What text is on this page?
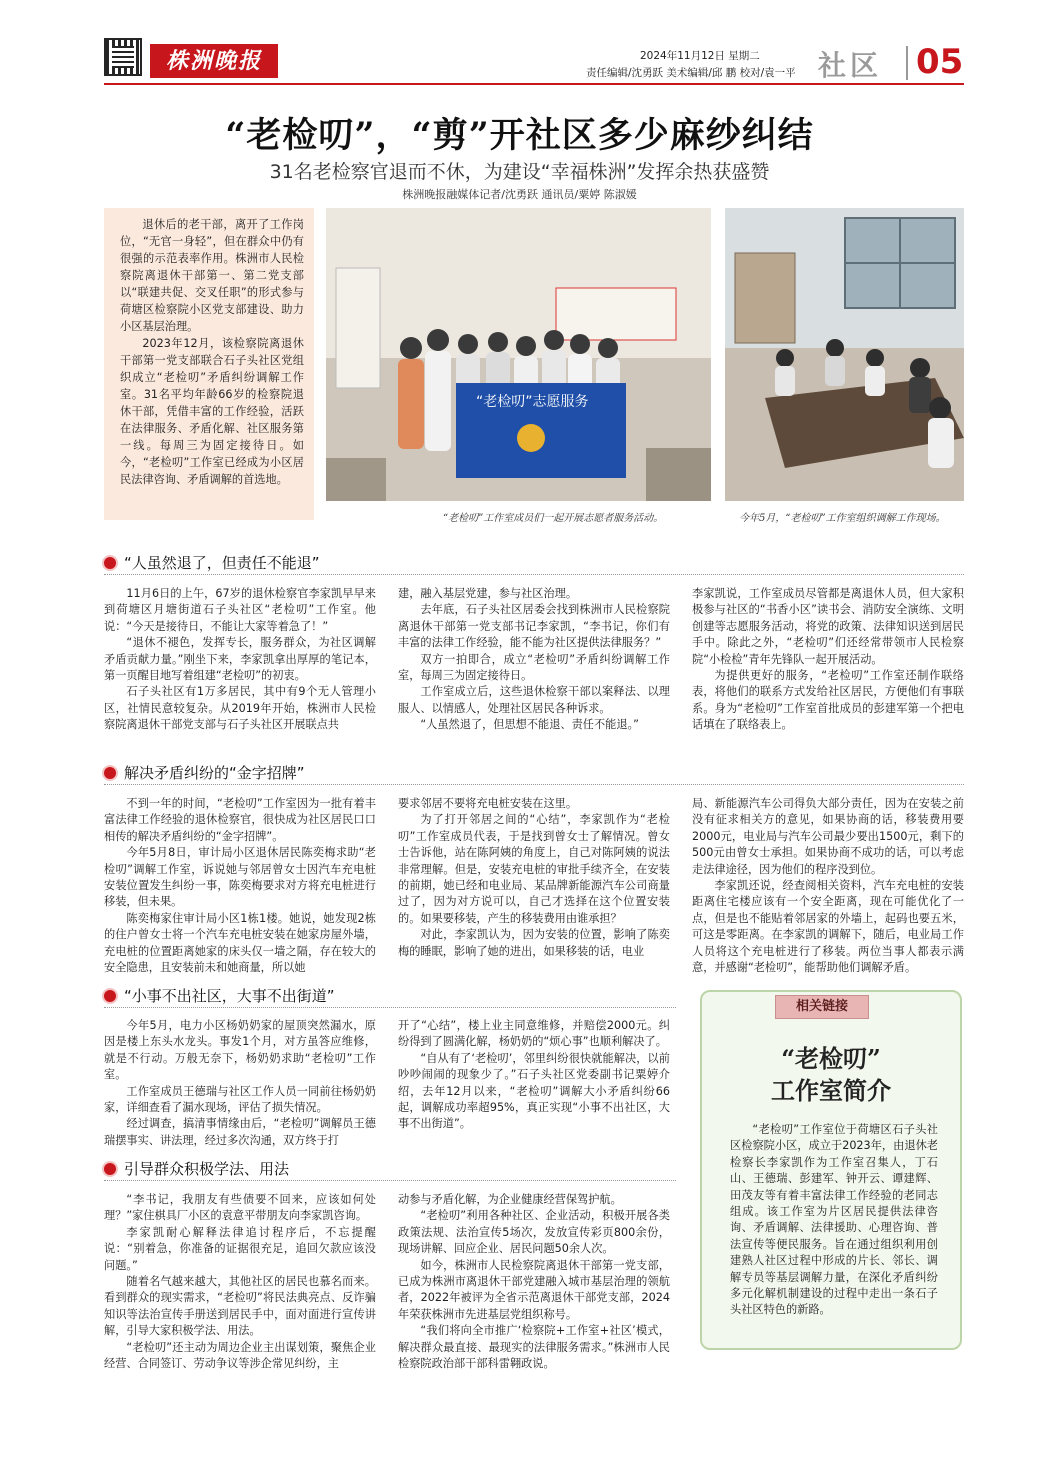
株洲晚报	2024年11月12日 星期二
责任编辑/沈勇跃 美术编辑/邱 鹏 校对/袁一平 社区 05
“老检叨”，“剪”开社区多少麻纱纠结
31名老检察官退而不休，为建设“幸福株洲”发挥余热获盛赞
株洲晚报融媒体记者/沈勇跃 通讯员/粟婷 陈淑媛

退休后的老干部，离开了工作岗位，“无官一身轻”，但在群众中仍有很强的示范表率作用。株洲市人民检察院离退休干部第一、第二党支部以“联建共促、交叉任职”的形式参与荷塘区检察院小区党支部建设、助力小区基层治理。

2023年12月，该检察院离退休干部第一党支部联合石子头社区党组织成立“老检叨”矛盾纠纷调解工作室。31名平均年龄66岁的检察院退休干部，凭借丰富的工作经验，活跃在法律服务、矛盾化解、社区服务第一线。每周三为固定接待日。如今，“老检叨”工作室已经成为小区居民法律咨询、矛盾调解的首选地。

“老检叨”志愿服务
“老检叨”工作室成员们一起开展志愿者服务活动。	今年5月，“老检叨”工作室组织调解工作现场。
“人虽然退了，但责任不能退”

11月6日的上午，67岁的退休检察官李家凯早早来到荷塘区月塘街道石子头社区“老检叨”工作室。他说：“今天是接待日，不能让大家等着急了！”

“退休不褪色，发挥专长，服务群众，为社区调解矛盾贡献力量。”刚坐下来，李家凯拿出厚厚的笔记本，第一页醒目地写着组建“老检叨”的初衷。

石子头社区有1万多居民，其中有9个无人管理小区，社情民意较复杂。从2019年开始，株洲市人民检察院离退休干部党支部与石子头社区开展联点共

建，融入基层党建，参与社区治理。

去年底，石子头社区居委会找到株洲市人民检察院离退休干部第一党支部书记李家凯，“李书记，你们有丰富的法律工作经验，能不能为社区提供法律服务？”

双方一拍即合，成立“老检叨”矛盾纠纷调解工作室，每周三为固定接待日。

工作室成立后，这些退休检察干部以案释法、以理服人、以情感人，处理社区居民各种诉求。

“人虽然退了，但思想不能退、责任不能退。”

李家凯说，工作室成员尽管都是离退休人员，但大家积极参与社区的“书香小区”读书会、消防安全演练、文明创建等志愿服务活动，将党的政策、法律知识送到居民手中。除此之外，“老检叨”们还经常带领市人民检察院“小检检”青年先锋队一起开展活动。

为提供更好的服务，“老检叨”工作室还制作联络表，将他们的联系方式发给社区居民，方便他们有事联系。身为“老检叨”工作室首批成员的彭建军第一个把电话填在了联络表上。

解决矛盾纠纷的“金字招牌”

不到一年的时间，“老检叨”工作室因为一批有着丰富法律工作经验的退休检察官，很快成为社区居民口口相传的解决矛盾纠纷的“金字招牌”。

今年5月8日，审计局小区退休居民陈奕梅求助“老检叨”调解工作室，诉说她与邻居曾女士因汽车充电桩安装位置发生纠纷一事，陈奕梅要求对方将充电桩进行移装，但未果。

陈奕梅家住审计局小区1栋1楼。她说，她发现2栋的住户曾女士将一个汽车充电桩安装在她家房屋外墙，充电桩的位置距离她家的床头仅一墙之隔，存在较大的安全隐患，且安装前未和她商量，所以她

要求邻居不要将充电桩安装在这里。

为了打开邻居之间的“心结”，李家凯作为“老检叨”工作室成员代表，于是找到曾女士了解情况。曾女士告诉他，站在陈阿姨的角度上，自己对陈阿姨的说法非常理解。但是，安装充电桩的审批手续齐全，在安装的前期，她已经和电业局、某品牌新能源汽车公司商量过了，因为对方说可以，自己才选择在这个位置安装的。如果要移装，产生的移装费用由谁承担？

对此，李家凯认为，因为安装的位置，影响了陈奕梅的睡眠，影响了她的进出，如果移装的话，电业

局、新能源汽车公司得负大部分责任，因为在安装之前没有征求相关方的意见，如果协商的话，移装费用要2000元，电业局与汽车公司最少要出1500元，剩下的500元由曾女士承担。如果协商不成功的话，可以考虑走法律途径，因为他们的程序没到位。

李家凯还说，经查阅相关资料，汽车充电桩的安装距离住宅楼应该有一个安全距离，现在可能优化了一点，但是也不能贴着邻居家的外墙上，起码也要五米，可这是零距离。在李家凯的调解下，随后，电业局工作人员将这个充电桩进行了移装。两位当事人都表示满意，并感谢“老检叨”，能帮助他们调解矛盾。

“小事不出社区，大事不出街道”

今年5月，电力小区杨奶奶家的屋顶突然漏水，原因是楼上东头水龙头。事发1个月，对方虽答应维修，就是不行动。万般无奈下，杨奶奶求助“老检叨”工作室。

工作室成员王德瑞与社区工作人员一同前往杨奶奶家，详细查看了漏水现场，评估了损失情况。

经过调查，搞清事情缘由后，“老检叨”调解员王德瑞摆事实、讲法理，经过多次沟通，双方终于打

开了“心结”，楼上业主同意维修，并赔偿2000元。纠纷得到了圆满化解，杨奶奶的“烦心事”也顺利解决了。

“自从有了‘老检叨’，邻里纠纷很快就能解决，以前吵吵闹闹的现象少了。”石子头社区党委副书记粟婷介绍，去年12月以来，“老检叨”调解大小矛盾纠纷66起，调解成功率超95%，真正实现“小事不出社区，大事不出街道”。

引导群众积极学法、用法

“李书记，我朋友有些债要不回来，应该如何处理？”家住棋具厂小区的袁意平带朋友向李家凯咨询。

李家凯耐心解释法律追讨程序后，不忘提醒说：“别着急，你准备的证据很充足，追回欠款应该没问题。”

随着名气越来越大，其他社区的居民也慕名而来。看到群众的现实需求，“老检叨”将民法典亮点、反诈骗知识等法治宣传手册送到居民手中，面对面进行宣传讲解，引导大家积极学法、用法。

“老检叨”还主动为周边企业主出谋划策，聚焦企业经营、合同签订、劳动争议等涉企常见纠纷，主

动参与矛盾化解，为企业健康经营保驾护航。

“老检叨”利用各种社区、企业活动，积极开展各类政策法规、法治宣传5场次，发放宣传彩页800余份，现场讲解、回应企业、居民问题50余人次。

如今，株洲市人民检察院离退休干部第一党支部，已成为株洲市离退休干部党建融入城市基层治理的领航者，2022年被评为全省示范离退休干部党支部，2024年荣获株洲市先进基层党组织称号。

“我们将向全市推广‘检察院+工作室+社区’模式，解决群众最直接、最现实的法律服务需求。”株洲市人民检察院政治部干部科雷翱政说。

相关链接
“老检叨”
工作室简介

“老检叨”工作室位于荷塘区石子头社区检察院小区，成立于2023年，由退休老检察长李家凯作为工作室召集人，丁石山、王德瑞、彭建军、钟开云、谭建辉、田茂友等有着丰富法律工作经验的老同志组成。该工作室为片区居民提供法律咨询、矛盾调解、法律援助、心理咨询、普法宣传等便民服务。旨在通过组织利用创建熟人社区过程中形成的片长、邻长、调解专员等基层调解力量，在深化矛盾纠纷多元化解机制建设的过程中走出一条石子头社区特色的新路。
